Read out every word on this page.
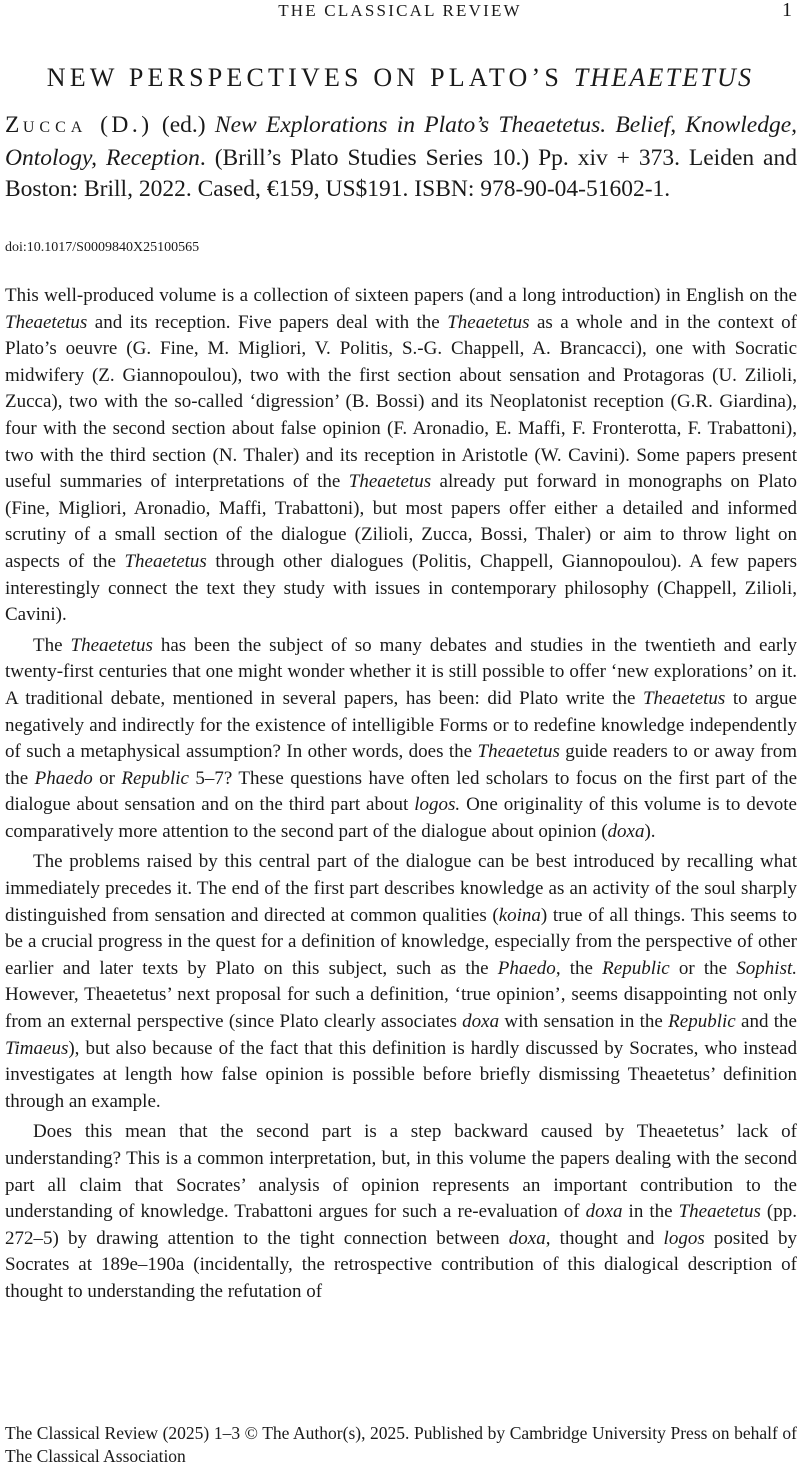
THE CLASSICAL REVIEW	1
NEW PERSPECTIVES ON PLATO’S THEAETETUS
ZUCCA (D.) (ed.) New Explorations in Plato’s Theaetetus. Belief, Knowledge, Ontology, Reception. (Brill’s Plato Studies Series 10.) Pp. xiv + 373. Leiden and Boston: Brill, 2022. Cased, €159, US$191. ISBN: 978-90-04-51602-1.
doi:10.1017/S0009840X25100565

This well-produced volume is a collection of sixteen papers (and a long introduction) in English on the Theaetetus and its reception. Five papers deal with the Theaetetus as a whole and in the context of Plato’s oeuvre (G. Fine, M. Migliori, V. Politis, S.-G. Chappell, A. Brancacci), one with Socratic midwifery (Z. Giannopoulou), two with the first section about sensation and Protagoras (U. Zilioli, Zucca), two with the so-called ‘digression’ (B. Bossi) and its Neoplatonist reception (G.R. Giardina), four with the second section about false opinion (F. Aronadio, E. Maffi, F. Fronterotta, F. Trabattoni), two with the third section (N. Thaler) and its reception in Aristotle (W. Cavini). Some papers present useful summaries of interpretations of the Theaetetus already put forward in monographs on Plato (Fine, Migliori, Aronadio, Maffi, Trabattoni), but most papers offer either a detailed and informed scrutiny of a small section of the dialogue (Zilioli, Zucca, Bossi, Thaler) or aim to throw light on aspects of the Theaetetus through other dialogues (Politis, Chappell, Giannopoulou). A few papers interestingly connect the text they study with issues in contemporary philosophy (Chappell, Zilioli, Cavini).

The Theaetetus has been the subject of so many debates and studies in the twentieth and early twenty-first centuries that one might wonder whether it is still possible to offer ‘new explorations’ on it. A traditional debate, mentioned in several papers, has been: did Plato write the Theaetetus to argue negatively and indirectly for the existence of intelligible Forms or to redefine knowledge independently of such a metaphysical assumption? In other words, does the Theaetetus guide readers to or away from the Phaedo or Republic 5–7? These questions have often led scholars to focus on the first part of the dialogue about sensation and on the third part about logos. One originality of this volume is to devote comparatively more attention to the second part of the dialogue about opinion (doxa).

The problems raised by this central part of the dialogue can be best introduced by recalling what immediately precedes it. The end of the first part describes knowledge as an activity of the soul sharply distinguished from sensation and directed at common qualities (koina) true of all things. This seems to be a crucial progress in the quest for a definition of knowledge, especially from the perspective of other earlier and later texts by Plato on this subject, such as the Phaedo, the Republic or the Sophist. However, Theaetetus’ next proposal for such a definition, ‘true opinion’, seems disappointing not only from an external perspective (since Plato clearly associates doxa with sensation in the Republic and the Timaeus), but also because of the fact that this definition is hardly discussed by Socrates, who instead investigates at length how false opinion is possible before briefly dismissing Theaetetus’ definition through an example.

Does this mean that the second part is a step backward caused by Theaetetus’ lack of understanding? This is a common interpretation, but, in this volume the papers dealing with the second part all claim that Socrates’ analysis of opinion represents an important contribution to the understanding of knowledge. Trabattoni argues for such a re-evaluation of doxa in the Theaetetus (pp. 272–5) by drawing attention to the tight connection between doxa, thought and logos posited by Socrates at 189e–190a (incidentally, the retrospective contribution of this dialogical description of thought to understanding the refutation of

The Classical Review (2025) 1–3 © The Author(s), 2025. Published by Cambridge University Press on behalf of The Classical Association
